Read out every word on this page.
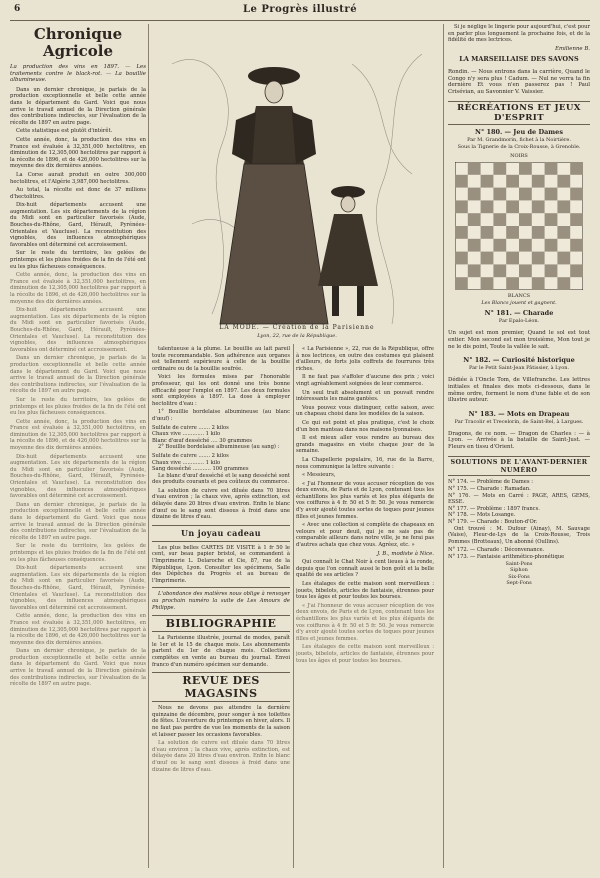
6	Le Progrès illustré
Chronique Agricole
La production des vins en 1897. — Les traitements contre le black-rot. — La bouillie albumineuse.

Dans un dernier chronique, je parlais de la production exceptionnelle et belle cette année dans le département du Gard. Voici que nous arrive le travail annuel de la Direction générale des contributions indirectes, sur l'évaluation de la récolte de 1897 en autre page.

Cette statistique est plutôt d'intérêt.

Cette année, donc, la production des vins en France est évaluée à 32,351,000 hectolitres, en diminution de 12,305,000 hectolitres par rapport à la récolte de 1896, et de 426,000 hectolitres sur la moyenne des dix dernières années.

La Corse aurait produit en outre 300,000 hectolitres, et l'Algérie 3,987,000 hectolitres.

Au total, la récolte est donc de 37 millions d'hectolitres.

Dix-huit départements accusent une augmentation. Les six départements de la région du Midi sont en particulier favorisés (Aude, Bouches-du-Rhône, Gard, Hérault, Pyrénées-Orientales et Vaucluse). La reconstitution des vignobles, des influences atmosphériques favorables ont déterminé cet accroissement.

Sur le reste du territoire, les gelées de printemps et les pluies froides de la fin de l'été ont eu les plus fâcheuses conséquences.

Cette année, donc, la production des vins en France est évaluée à 32,351,000 hectolitres, en diminution de 12,305,000 hectolitres par rapport à la récolte de 1896, et de 426,000 hectolitres sur la moyenne des dix dernières années.

Dix-huit départements accusent une augmentation. Les six départements de la région du Midi sont en particulier favorisés (Aude, Bouches-du-Rhône, Gard, Hérault, Pyrénées-Orientales et Vaucluse). La reconstitution des vignobles, des influences atmosphériques favorables ont déterminé cet accroissement.

Dans un dernier chronique, je parlais de la production exceptionnelle et belle cette année dans le département du Gard. Voici que nous arrive le travail annuel de la Direction générale des contributions indirectes, sur l'évaluation de la récolte de 1897 en autre page.

Sur le reste du territoire, les gelées de printemps et les pluies froides de la fin de l'été ont eu les plus fâcheuses conséquences.

Cette année, donc, la production des vins en France est évaluée à 32,351,000 hectolitres, en diminution de 12,305,000 hectolitres par rapport à la récolte de 1896, et de 426,000 hectolitres sur la moyenne des dix dernières années.

Dix-huit départements accusent une augmentation. Les six départements de la région du Midi sont en particulier favorisés (Aude, Bouches-du-Rhône, Gard, Hérault, Pyrénées-Orientales et Vaucluse). La reconstitution des vignobles, des influences atmosphériques favorables ont déterminé cet accroissement.

Dans un dernier chronique, je parlais de la production exceptionnelle et belle cette année dans le département du Gard. Voici que nous arrive le travail annuel de la Direction générale des contributions indirectes, sur l'évaluation de la récolte de 1897 en autre page.

Sur le reste du territoire, les gelées de printemps et les pluies froides de la fin de l'été ont eu les plus fâcheuses conséquences.

Dix-huit départements accusent une augmentation. Les six départements de la région du Midi sont en particulier favorisés (Aude, Bouches-du-Rhône, Gard, Hérault, Pyrénées-Orientales et Vaucluse). La reconstitution des vignobles, des influences atmosphériques favorables ont déterminé cet accroissement.

Cette année, donc, la production des vins en France est évaluée à 32,351,000 hectolitres, en diminution de 12,305,000 hectolitres par rapport à la récolte de 1896, et de 426,000 hectolitres sur la moyenne des dix dernières années.

Dans un dernier chronique, je parlais de la production exceptionnelle et belle cette année dans le département du Gard. Voici que nous arrive le travail annuel de la Direction générale des contributions indirectes, sur l'évaluation de la récolte de 1897 en autre page.

LA MODE. — Création de la Parisienne
Lyon, 22, rue de la République.

talentueuse à la plume. Le bouillie au lait pareil toute recommandable. Son adhérence aux organes est tellement supérieure à celle de la bouillie ordinaire ou de la bouillie soufrée.

Voici les formules mises par l'honorable professeur, qui les ont donné une très bonne efficacité pour l'emploi en 1897. Les deux formules sont employées à 1897. La dose à employer hectolitre d'eau :

1° Bouillie bordelaise albumineuse (au blanc d'œuf) :

Sulfate de cuivre ....... 2 kilos
Chaux vive ............. 1 kilo
Blanc d'œuf desséché .... 30 grammes

2° Bouillie bordelaise albumineuse (au sang) :

Sulfate de cuivre ....... 2 kilos
Chaux vive ............. 1 kilo
Sang desséché ........... 100 grammes

Le blanc d'œuf desséché et le sang desséché sont des produits courants et peu coûteux du commerce.

La solution de cuivre est diluée dans 70 litres d'eau environ ; la chaux vive, après extinction, est délayée dans 20 litres d'eau environ. Enfin le blanc d'œuf ou le sang sont dissous à froid dans une dizaine de litres d'eau.

Un joyau cadeau

Les plus belles CARTES DE VISITE à 1 fr 50 le cent, sur beau papier bristol, se commandent à l'Imprimerie L. Delaroche et Cie, 87, rue de la République, Lyon. Consulter les spécimens, Salle des Dépêches du Progrès et au bureau de l'Imprimerie.

L'abondance des matières nous oblige à renvoyer au prochain numéro la suite de Les Amours de Philippe.

BIBLIOGRAPHIE

La Parisienne illustrée, journal de modes, paraît le 1er et le 15 de chaque mois. Les abonnements partent du 1er de chaque mois. Collections complètes en vente au bureau du journal. Envoi franco d'un numéro spécimen sur demande.

REVUE DES MAGASINS

Nous ne devons pas attendre la dernière quinzaine de décembre, pour songer à nos toilettes de fêtes. L'ouverture du printemps en hiver, alors. Il ne faut pas perdre de vue les moments de la saison et laisser passer les occasions favorables.

La solution de cuivre est diluée dans 70 litres d'eau environ ; la chaux vive, après extinction, est délayée dans 20 litres d'eau environ. Enfin le blanc d'œuf ou le sang sont dissous à froid dans une dizaine de litres d'eau.

« La Parisienne », 22, rue de la République, offre à nos lectrices, en outre des costumes qui plaisent d'ailleurs, de forts jolis coffrets de fourrures très riches.

Il ne faut pas s'affoler d'aucune des prix ; voici vingt agréablement soignées de leur commerce.

Un seul trait absolument et un pouvait rendre intéressants les mains gantées.

Vous pouvez vous distinguer, cette saison, avec un chapeau choisi dans les modèles de la saison.

Ce qui est point et plus pratique, c'est le choix d'un bon manteau dans nos maisons lyonnaises.

Il est mieux aller vous rendre au bureau des grands magasins en visite chaque jour de la semaine.

La Chapellerie populaire, 16, rue de la Barre, nous communique la lettre suivante :

« Messieurs,

« J'ai l'honneur de vous accuser réception de vos deux envois, de Paris et de Lyon, contenant tous les échantillons les plus variés et les plus élégants de vos coiffures à 4 fr. 50 et 5 fr. 50. Je vous remercie d'y avoir ajouté toutes sortes de toques pour jeunes filles et jeunes femmes.

« Avec une collection si complète de chapeaux en velours et pour deuil, qui je ne sais pas de comparable ailleurs dans notre ville, je ne ferai pas d'autres achats que chez vous. Agréez, etc. »

J. B., modiste à Nice.

Qui connaît le Chat Noir à cent lieues à la ronde, depuis que l'on connaît aussi le bon goût et la belle qualité de ses articles ?

Les étalages de cette maison sont merveilleux : jouets, bibelots, articles de fantaisie, étrennes pour tous les âges et pour toutes les bourses.

« J'ai l'honneur de vous accuser réception de vos deux envois, de Paris et de Lyon, contenant tous les échantillons les plus variés et les plus élégants de vos coiffures à 4 fr. 50 et 5 fr. 50. Je vous remercie d'y avoir ajouté toutes sortes de toques pour jeunes filles et jeunes femmes.

Les étalages de cette maison sont merveilleux : jouets, bibelots, articles de fantaisie, étrennes pour tous les âges et pour toutes les bourses.

Si je néglige le lingerie pour aujourd'hui, c'est pour en parler plus longuement la prochaine fois, et de la fidélité de mes lectrices.

Emilienne B.
LA MARSEILLAISE DES SAVONS

Rondin. — Nous entrons dans la carrière, Quand le Congo n'y sera plus ! Cadum. — Nul ne verra ta fin dernière Et vous n'en passerez pas ! Paul Crisévian, au Savonnier V. Vaissier.

RÉCRÉATIONS ET JEUX D'ESPRIT
N° 180. — Jeu de Dames
Par M. Grandmorin, fichet à la Noirtière.
Sous la Tignerie de la Croix-Rousse, à Grenoble.
NOIRS
BLANCS
Les Blancs jouent et gagnent.
N° 181. — Charade
Par Epalo-Léon.

Un sujet est mon premier, Quand le sol est tout entier. Mon second est mon troisième, Mon tout je ne le dis point, Toute la vallée le sait.

N° 182. — Curiosité historique
Par le Petit Saint-Jean Pâtissier, à Lyon.

Dédiée à l'Oncle Tom, de Villefranche. Les lettres initiales et finales des mots ci-dessous, dans le même ordre, forment le nom d'une fable et de son illustre auteur.

N° 183. — Mots en Drapeau
Par Tracolir et Trecelorin, de Saint-Bel, à Largues.

Dragons, de ce nom. — Dragon de Charles : — à Lyon. — Arrivée à la bataille de Saint-Just. — Fleurs en tissu d'Orient.

SOLUTIONS DE L'AVANT-DERNIER NUMÉRO
N° 174. — Problème de Dames :
N° 175. — Charade : Ramadan.
N° 176. — Mots en Carré : PAGE, ARES, GEMS, ESSE.
N° 177. — Problème : 1897 francs.
N° 178. — Mots Losange.
N° 179. — Charade : Bouton-d'Or.

Ont trouvé : M. Dufour (Ainay), M. Sauvage (Vaise), Fleur-de-Lys de la Croix-Rousse, Trois Pommes (Brotteaux), Un abonné (Oullins).

N° 172. — Charade : Déconvenance.
N° 173. — Fantaisie arithmético-phonétique
Saint-Pons
Siphon
Six-Fons
Sept-Fons
